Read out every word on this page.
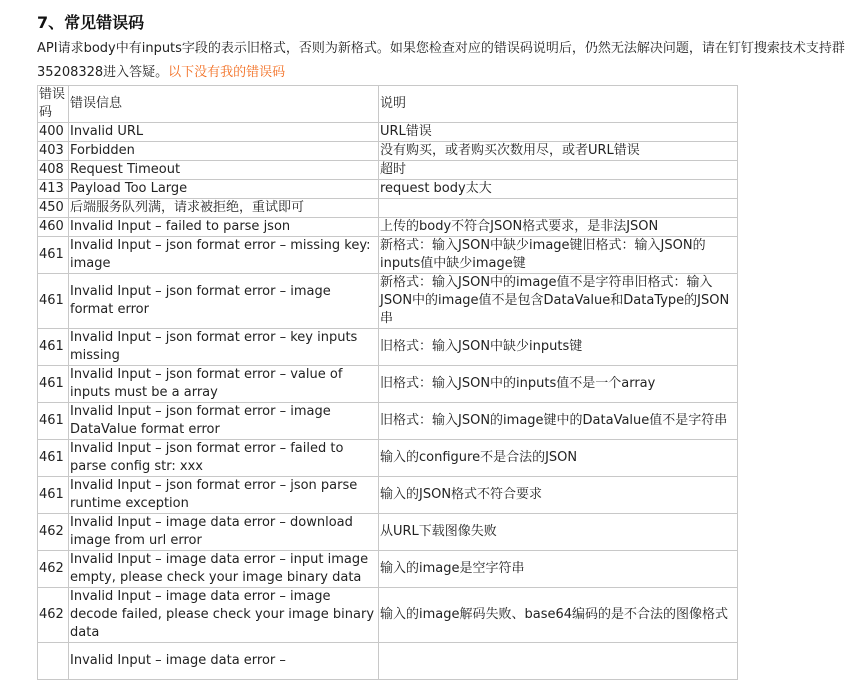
7、常见错误码
API请求body中有inputs字段的表示旧格式，否则为新格式。如果您检查对应的错误码说明后，仍然无法解决问题，请在钉钉搜索技术支持群35208328进入答疑。以下没有我的错误码
错误码	错误信息	说明
400	Invalid URL	URL错误
403	Forbidden	没有购买，或者购买次数用尽，或者URL错误
408	Request Timeout	超时
413	Payload Too Large	request body太大
450	后端服务队列满，请求被拒绝，重试即可	
460	Invalid Input – failed to parse json	上传的body不符合JSON格式要求，是非法JSON
461	Invalid Input – json format error – missing key: image	新格式：输入JSON中缺少image键旧格式：输入JSON的inputs值中缺少image键
461	Invalid Input – json format error – image format error	新格式：输入JSON中的image值不是字符串旧格式：输入JSON中的image值不是包含DataValue和DataType的JSON串
461	Invalid Input – json format error – key inputs missing	旧格式：输入JSON中缺少inputs键
461	Invalid Input – json format error – value of inputs must be a array	旧格式：输入JSON中的inputs值不是一个array
461	Invalid Input – json format error – image DataValue format error	旧格式：输入JSON的image键中的DataValue值不是字符串
461	Invalid Input – json format error – failed to parse config str: xxx	输入的configure不是合法的JSON
461	Invalid Input – json format error – json parse runtime exception	输入的JSON格式不符合要求
462	Invalid Input – image data error – download image from url error	从URL下载图像失败
462	Invalid Input – image data error – input image empty, please check your image binary data	输入的image是空字符串
462	Invalid Input – image data error – image decode failed, please check your image binary data	输入的image解码失败、base64编码的是不合法的图像格式
	Invalid Input – image data error –	
